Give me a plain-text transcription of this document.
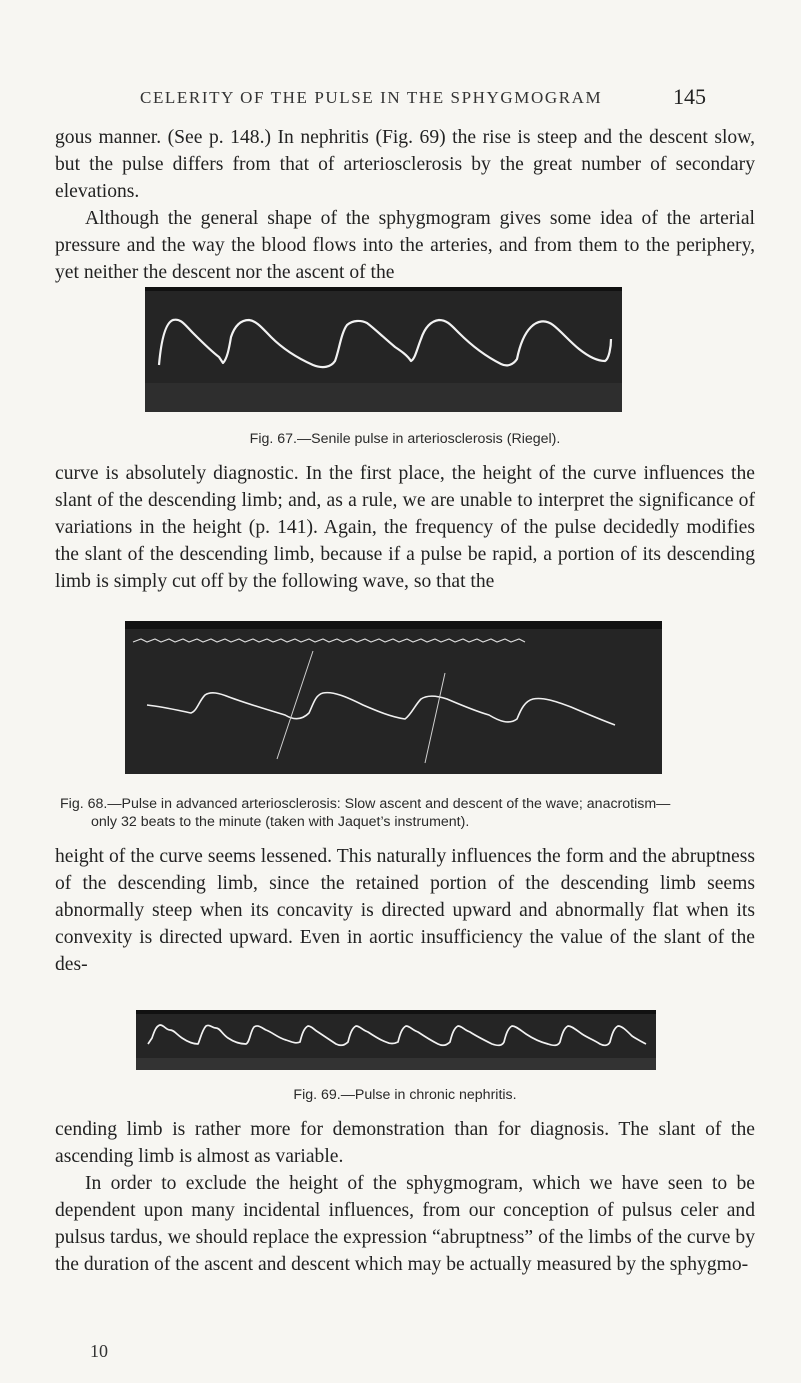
CELERITY OF THE PULSE IN THE SPHYGMOGRAM	145

gous manner. (See p. 148.) In nephritis (Fig. 69) the rise is steep and the descent slow, but the pulse differs from that of arteriosclerosis by the great number of secondary elevations.

Although the general shape of the sphygmogram gives some idea of the arterial pressure and the way the blood flows into the arteries, and from them to the periphery, yet neither the descent nor the ascent of the

Fig. 67.—Senile pulse in arteriosclerosis (Riegel).

curve is absolutely diagnostic. In the first place, the height of the curve influences the slant of the descending limb; and, as a rule, we are unable to interpret the significance of variations in the height (p. 141). Again, the frequency of the pulse decidedly modifies the slant of the descending limb, because if a pulse be rapid, a portion of its descending limb is simply cut off by the following wave, so that the

Fig. 68.—Pulse in advanced arteriosclerosis: Slow ascent and descent of the wave; anacrotism—
only 32 beats to the minute (taken with Jaquet’s instrument).

height of the curve seems lessened. This naturally influences the form and the abruptness of the descending limb, since the retained portion of the descending limb seems abnormally steep when its concavity is directed upward and abnormally flat when its convexity is directed upward. Even in aortic insufficiency the value of the slant of the des-

Fig. 69.—Pulse in chronic nephritis.

cending limb is rather more for demonstration than for diagnosis. The slant of the ascending limb is almost as variable.

In order to exclude the height of the sphygmogram, which we have seen to be dependent upon many incidental influences, from our conception of pulsus celer and pulsus tardus, we should replace the expression “abruptness” of the limbs of the curve by the duration of the ascent and descent which may be actually measured by the sphygmo-

10
